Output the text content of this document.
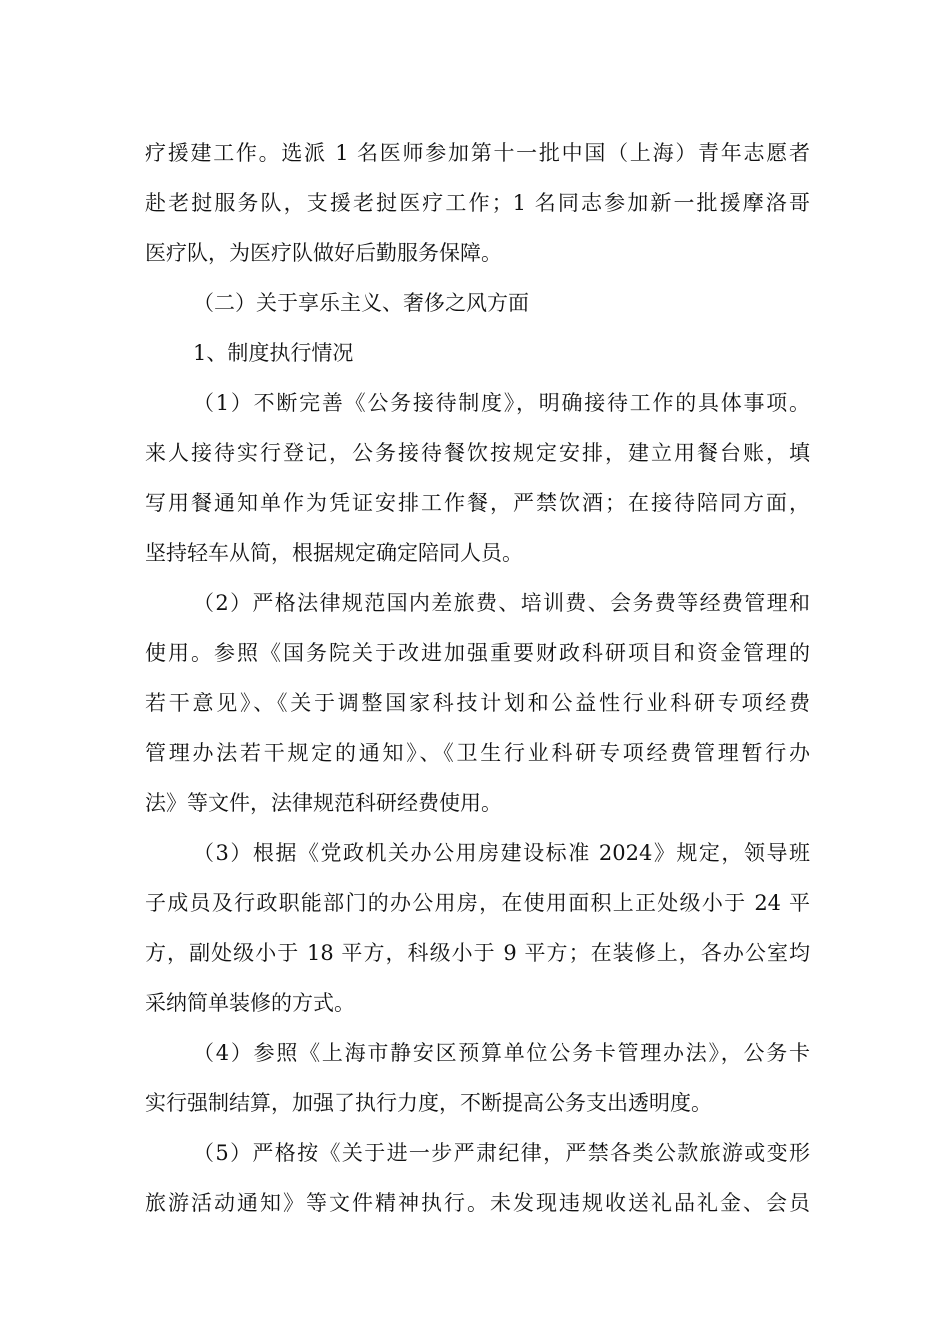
疗援建工作。选派 1 名医师参加第十一批中国（上海）青年志愿者
赴老挝服务队，支援老挝医疗工作；1 名同志参加新一批援摩洛哥
医疗队，为医疗队做好后勤服务保障。
（二）关于享乐主义、奢侈之风方面
1、制度执行情况
（1）不断完善《公务接待制度》，明确接待工作的具体事项。
来人接待实行登记，公务接待餐饮按规定安排，建立用餐台账，填
写用餐通知单作为凭证安排工作餐，严禁饮酒；在接待陪同方面，
坚持轻车从简，根据规定确定陪同人员。
（2）严格法律规范国内差旅费、培训费、会务费等经费管理和
使用。参照《国务院关于改进加强重要财政科研项目和资金管理的
若干意见》、《关于调整国家科技计划和公益性行业科研专项经费
管理办法若干规定的通知》、《卫生行业科研专项经费管理暂行办
法》等文件，法律规范科研经费使用。
（3）根据《党政机关办公用房建设标准 2024》规定，领导班
子成员及行政职能部门的办公用房，在使用面积上正处级小于 24 平
方，副处级小于 18 平方，科级小于 9 平方；在装修上，各办公室均
采纳简单装修的方式。
（4）参照《上海市静安区预算单位公务卡管理办法》，公务卡
实行强制结算，加强了执行力度，不断提高公务支出透明度。
（5）严格按《关于进一步严肃纪律，严禁各类公款旅游或变形
旅游活动通知》等文件精神执行。未发现违规收送礼品礼金、会员
